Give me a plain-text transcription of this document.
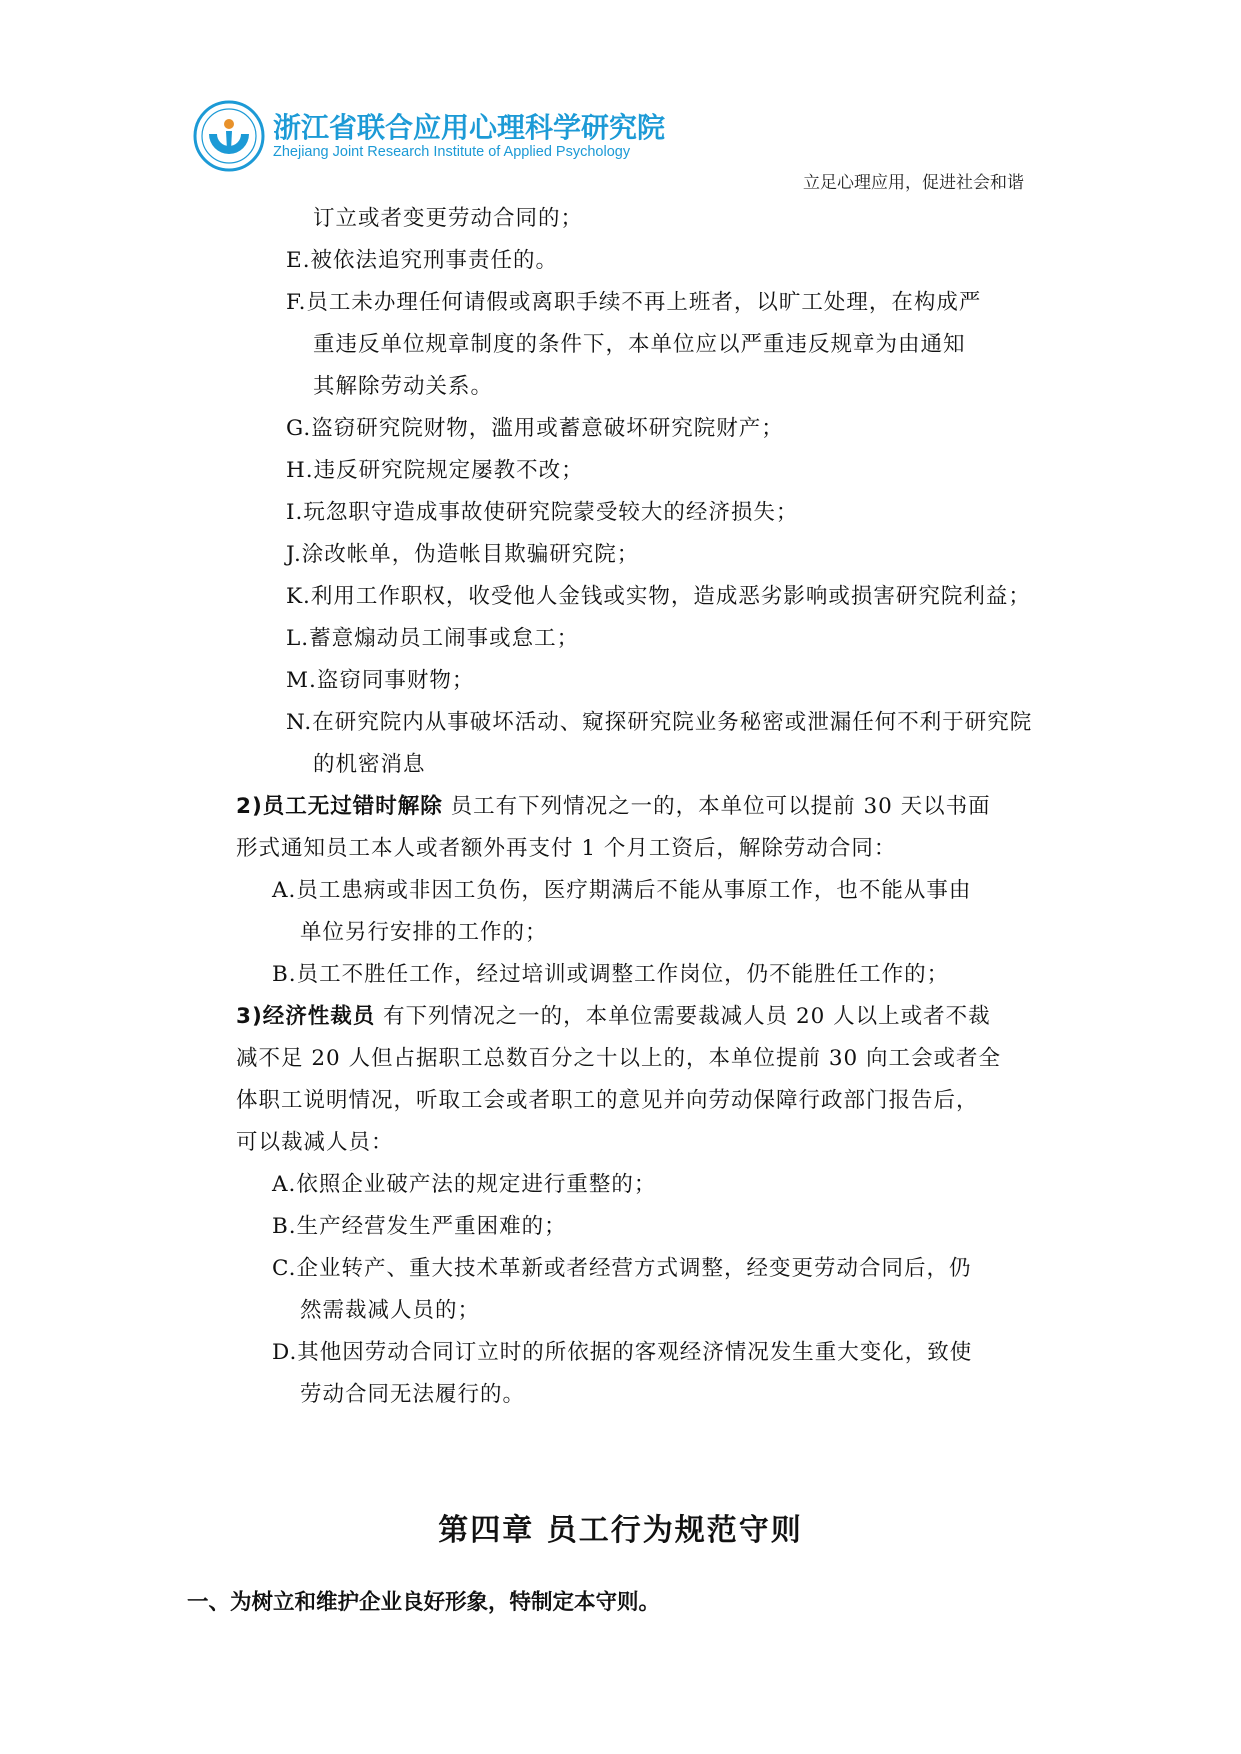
浙江省联合应用心理科学研究院
Zhejiang Joint Research Institute of Applied Psychology
立足心理应用，促进社会和谐
订立或者变更劳动合同的；
E.被依法追究刑事责任的。
F.员工未办理任何请假或离职手续不再上班者，以旷工处理，在构成严
重违反单位规章制度的条件下，本单位应以严重违反规章为由通知
其解除劳动关系。
G.盗窃研究院财物，滥用或蓄意破坏研究院财产；
H.违反研究院规定屡教不改；
I.玩忽职守造成事故使研究院蒙受较大的经济损失；
J.涂改帐单，伪造帐目欺骗研究院；
K.利用工作职权，收受他人金钱或实物，造成恶劣影响或损害研究院利益；
L.蓄意煽动员工闹事或怠工；
M.盗窃同事财物；
N.在研究院内从事破坏活动、窥探研究院业务秘密或泄漏任何不利于研究院
的机密消息
2)员工无过错时解除 员工有下列情况之一的，本单位可以提前 30 天以书面
形式通知员工本人或者额外再支付 1 个月工资后，解除劳动合同：
A.员工患病或非因工负伤，医疗期满后不能从事原工作，也不能从事由
单位另行安排的工作的；
B.员工不胜任工作，经过培训或调整工作岗位，仍不能胜任工作的；
3)经济性裁员 有下列情况之一的，本单位需要裁减人员 20 人以上或者不裁
减不足 20 人但占据职工总数百分之十以上的，本单位提前 30 向工会或者全
体职工说明情况，听取工会或者职工的意见并向劳动保障行政部门报告后，
可以裁减人员：
A.依照企业破产法的规定进行重整的；
B.生产经营发生严重困难的；
C.企业转产、重大技术革新或者经营方式调整，经变更劳动合同后，仍
然需裁减人员的；
D.其他因劳动合同订立时的所依据的客观经济情况发生重大变化，致使
劳动合同无法履行的。
第四章 员工行为规范守则
一、为树立和维护企业良好形象，特制定本守则。
